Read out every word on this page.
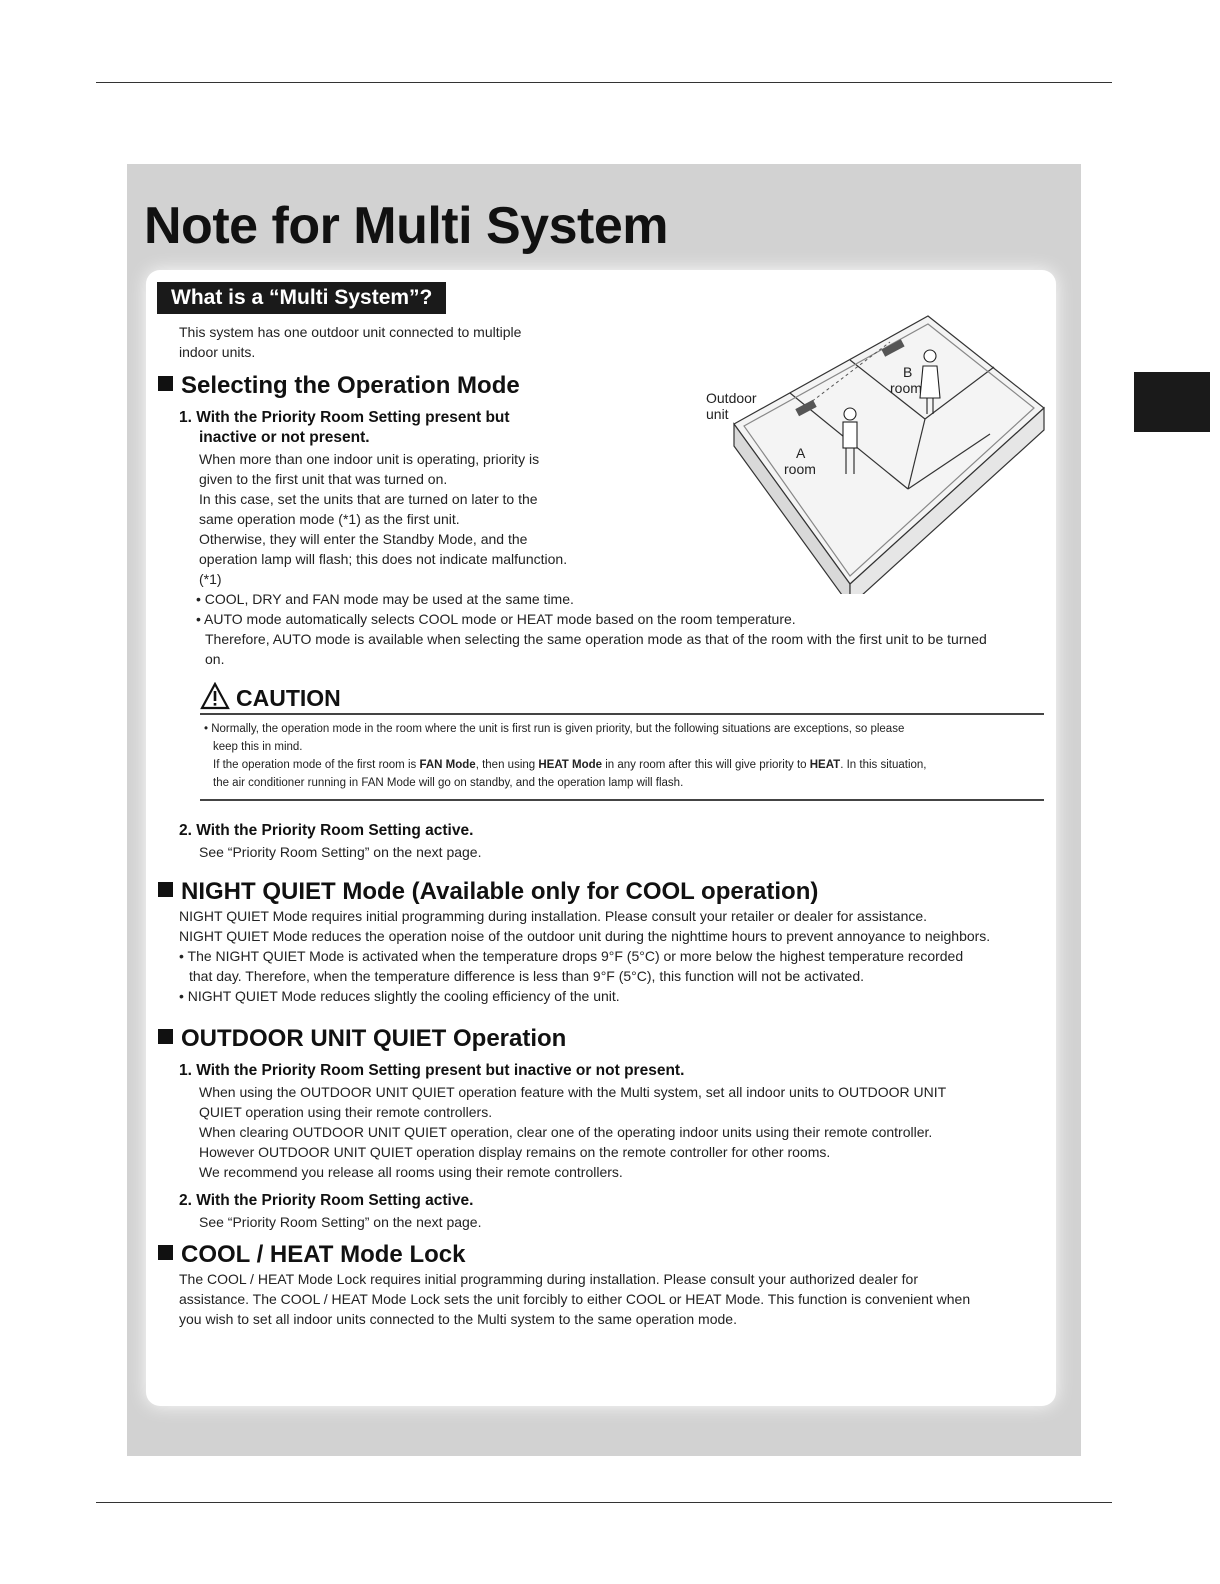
Note for Multi System
What is a “Multi System”?
This system has one outdoor unit connected to multiple
indoor units.
Outdoor
unit
A
room
B
room
Selecting the Operation Mode
1. With the Priority Room Setting present but
inactive or not present.
When more than one indoor unit is operating, priority is
given to the first unit that was turned on.
In this case, set the units that are turned on later to the
same operation mode (*1) as the first unit.
Otherwise, they will enter the Standby Mode, and the
operation lamp will flash; this does not indicate malfunction.
(*1)
• COOL, DRY and FAN mode may be used at the same time.
• AUTO mode automatically selects COOL mode or HEAT mode based on the room temperature.
Therefore, AUTO mode is available when selecting the same operation mode as that of the room with the first unit to be turned
on.
CAUTION
• Normally, the operation mode in the room where the unit is first run is given priority, but the following situations are exceptions, so please
keep this in mind.
If the operation mode of the first room is FAN Mode, then using HEAT Mode in any room after this will give priority to HEAT. In this situation,
the air conditioner running in FAN Mode will go on standby, and the operation lamp will flash.
2. With the Priority Room Setting active.
See “Priority Room Setting” on the next page.
NIGHT QUIET Mode (Available only for COOL operation)
NIGHT QUIET Mode requires initial programming during installation. Please consult your retailer or dealer for assistance.
NIGHT QUIET Mode reduces the operation noise of the outdoor unit during the nighttime hours to prevent annoyance to neighbors.
• The NIGHT QUIET Mode is activated when the temperature drops 9°F (5°C) or more below the highest temperature recorded
that day. Therefore, when the temperature difference is less than 9°F (5°C), this function will not be activated.
• NIGHT QUIET Mode reduces slightly the cooling efficiency of the unit.
OUTDOOR UNIT QUIET Operation
1. With the Priority Room Setting present but inactive or not present.
When using the OUTDOOR UNIT QUIET operation feature with the Multi system, set all indoor units to OUTDOOR UNIT
QUIET operation using their remote controllers.
When clearing OUTDOOR UNIT QUIET operation, clear one of the operating indoor units using their remote controller.
However OUTDOOR UNIT QUIET operation display remains on the remote controller for other rooms.
We recommend you release all rooms using their remote controllers.
2. With the Priority Room Setting active.
See “Priority Room Setting” on the next page.
COOL / HEAT Mode Lock
The COOL / HEAT Mode Lock requires initial programming during installation. Please consult your authorized dealer for
assistance. The COOL / HEAT Mode Lock sets the unit forcibly to either COOL or HEAT Mode. This function is convenient when
you wish to set all indoor units connected to the Multi system to the same operation mode.
